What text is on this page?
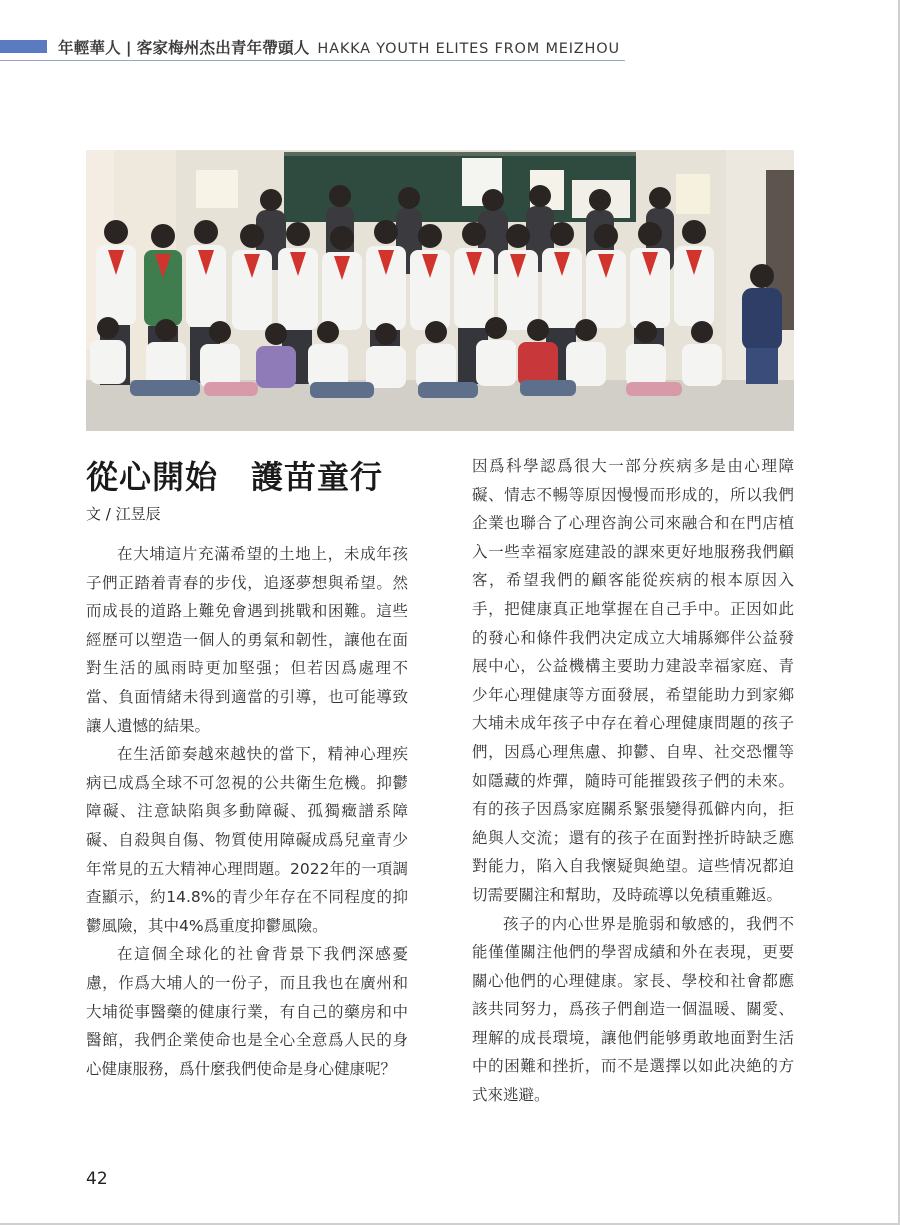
年輕華人 | 客家梅州杰出青年帶頭人 HAKKA YOUTH ELITES FROM MEIZHOU
從心開始　護苗童行
文 / 江昱辰

在大埔這片充滿希望的土地上，未成年孩子們正踏着青春的步伐，追逐夢想與希望。然而成長的道路上難免會遇到挑戰和困難。這些經歷可以塑造一個人的勇氣和韌性，讓他在面對生活的風雨時更加堅强；但若因爲處理不當、負面情緒未得到適當的引導，也可能導致讓人遺憾的結果。

在生活節奏越來越快的當下，精神心理疾病已成爲全球不可忽視的公共衛生危機。抑鬱障礙、注意缺陷與多動障礙、孤獨癥譜系障礙、自殺與自傷、物質使用障礙成爲兒童青少年常見的五大精神心理問題。2022年的一項調查顯示，約14.8%的青少年存在不同程度的抑鬱風險，其中4%爲重度抑鬱風險。

在這個全球化的社會背景下我們深感憂慮，作爲大埔人的一份子，而且我也在廣州和大埔從事醫藥的健康行業，有自己的藥房和中醫館，我們企業使命也是全心全意爲人民的身心健康服務，爲什麼我們使命是身心健康呢？

因爲科學認爲很大一部分疾病多是由心理障礙、情志不暢等原因慢慢而形成的，所以我們企業也聯合了心理咨詢公司來融合和在門店植入一些幸福家庭建設的課來更好地服務我們顧客，希望我們的顧客能從疾病的根本原因入手，把健康真正地掌握在自己手中。正因如此的發心和條件我們决定成立大埔縣鄉伴公益發展中心，公益機構主要助力建設幸福家庭、青少年心理健康等方面發展，希望能助力到家鄉大埔未成年孩子中存在着心理健康問題的孩子們，因爲心理焦慮、抑鬱、自卑、社交恐懼等如隱藏的炸彈，隨時可能摧毀孩子們的未來。有的孩子因爲家庭關系緊張變得孤僻内向，拒絶與人交流；還有的孩子在面對挫折時缺乏應對能力，陷入自我懷疑與絶望。這些情况都迫切需要關注和幫助，及時疏導以免積重難返。

孩子的内心世界是脆弱和敏感的，我們不能僅僅關注他們的學習成績和外在表現，更要關心他們的心理健康。家長、學校和社會都應該共同努力，爲孩子們創造一個温暖、關愛、理解的成長環境，讓他們能够勇敢地面對生活中的困難和挫折，而不是選擇以如此决絶的方式來逃避。

42
